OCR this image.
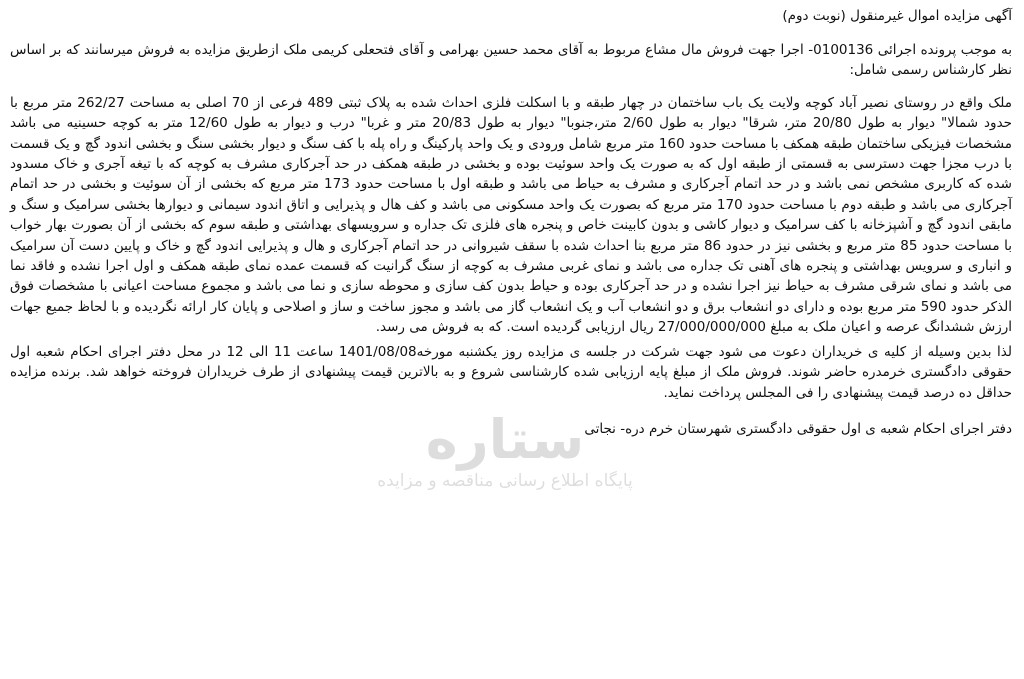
آگهی مزایده اموال غیرمنقول (نوبت دوم)

به موجب پرونده اجرائی 0100136- اجرا جهت فروش مال مشاع مربوط به آقای محمد حسین بهرامی و آقای فتحعلی کریمی ملک ازطریق مزایده به فروش میرسانند که بر اساس نظر کارشناس رسمی شامل:

ملک واقع در روستای نصیر آباد کوچه ولایت یک باب ساختمان در چهار طبقه و با اسکلت فلزی احداث شده به پلاک ثبتی 489 فرعی از 70 اصلی به مساحت 262/27 متر مربع با حدود شمالا" دیوار به طول 20/80 متر، شرقا" دیوار به طول 2/60 متر،جنوبا" دیوار به طول 20/83 متر و غربا" درب و دیوار به طول 12/60 متر به کوچه حسینیه می باشد مشخصات فیزیکی ساختمان طبقه همکف با مساحت حدود 160 متر مربع شامل ورودی و یک واحد پارکینگ و راه پله با کف سنگ و دیوار بخشی سنگ و بخشی اندود گچ و یک قسمت با درب مجزا جهت دسترسی به قسمتی از طبقه اول که به صورت یک واحد سوئیت بوده و بخشی در طبقه همکف در حد آجرکاری مشرف به کوچه که با تیغه آجری و خاک مسدود شده که کاربری مشخص نمی باشد و در حد اتمام آجرکاری و مشرف به حیاط می باشد و طبقه اول با مساحت حدود 173 متر مربع که بخشی از آن سوئیت و بخشی در حد اتمام آجرکاری می باشد و طبقه دوم با مساحت حدود 170 متر مربع که بصورت یک واحد مسکونی می باشد و کف هال و پذیرایی و اتاق اندود سیمانی و دیوارها بخشی سرامیک و سنگ و مابقی اندود گچ و آشپزخانه با کف سرامیک و دیوار کاشی و بدون کابینت خاص و پنجره های فلزی تک جداره و سرویسهای بهداشتی و طبقه سوم که بخشی از آن بصورت بهار خواب با مساحت حدود 85 متر مربع و بخشی نیز در حدود 86 متر مربع بنا احداث شده با سقف شیروانی در حد اتمام آجرکاری و هال و پذیرایی اندود گچ و خاک و پایین دست آن سرامیک و انباری و سرویس بهداشتی و پنجره های آهنی تک جداره می باشد و نمای غربی مشرف به کوچه از سنگ گرانیت که قسمت عمده نمای طبقه همکف و اول اجرا نشده و فاقد نما می باشد و نمای شرقی مشرف به حیاط نیز اجرا نشده و در حد آجرکاری بوده و حیاط بدون کف سازی و محوطه سازی و نما می باشد و مجموع مساحت اعیانی با مشخصات فوق الذکر حدود 590 متر مربع بوده و دارای دو انشعاب برق و دو انشعاب آب و یک انشعاب گاز می باشد و مجوز ساخت و ساز و اصلاحی و پایان کار ارائه نگردیده و با لحاظ جمیع جهات ارزش ششدانگ عرصه و اعیان ملک به مبلغ 27/000/000/000 ریال ارزیابی گردیده است. که به فروش می رسد.

لذا بدین وسیله از کلیه ی خریداران دعوت می شود جهت شرکت در جلسه ی مزایده روز یکشنبه مورخه1401/08/08 ساعت 11 الی 12 در محل دفتر اجرای احکام شعبه اول حقوقی دادگستری خرمدره حاضر شوند. فروش ملک از مبلغ پایه ارزیابی شده کارشناسی شروع و به بالاترین قیمت پیشنهادی از طرف خریداران فروخته خواهد شد. برنده مزایده حداقل ده درصد قیمت پیشنهادی را فی المجلس پرداخت نماید.

دفتر اجرای احکام شعبه ی اول حقوقی دادگستری شهرستان خرم دره- نجاتی

ستاره
پایگاه اطلاع رسانی مناقصه و مزایده
